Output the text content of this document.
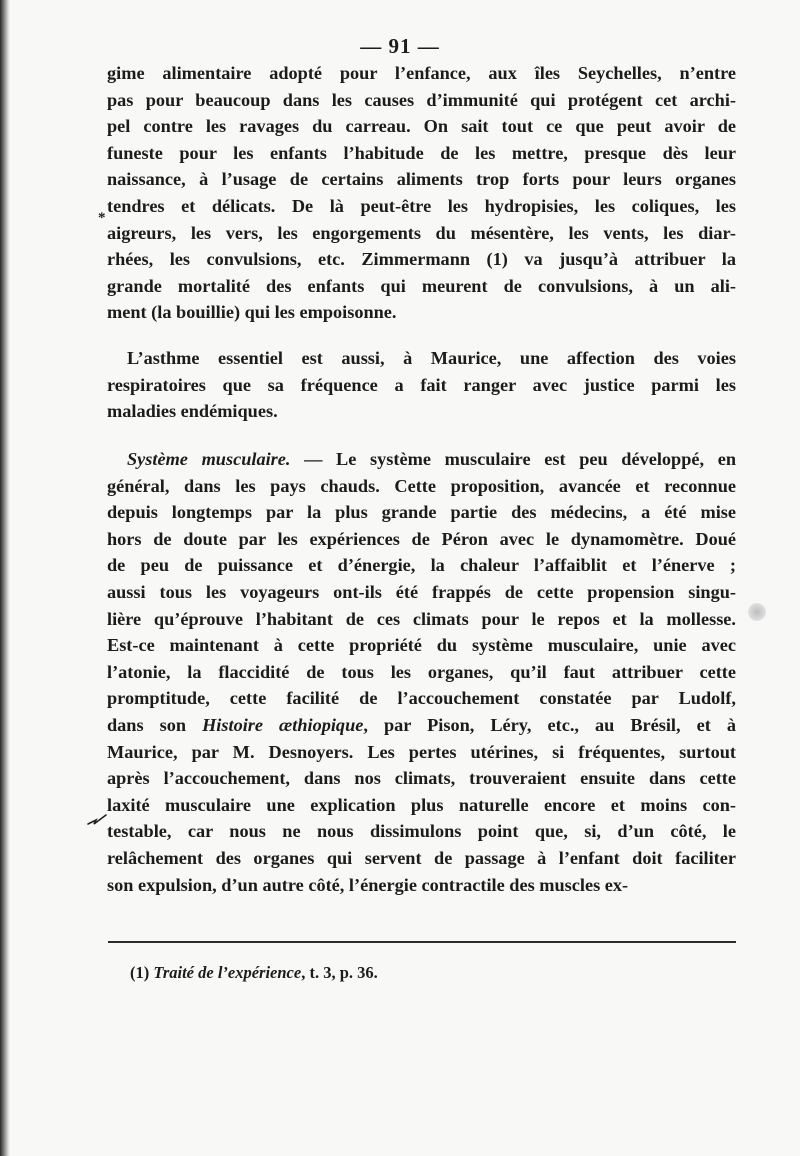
— 91 —
gime alimentaire adopté pour l’enfance, aux îles Seychelles, n’entre
pas pour beaucoup dans les causes d’immunité qui protégent cet archi-
pel contre les ravages du carreau. On sait tout ce que peut avoir de
funeste pour les enfants l’habitude de les mettre, presque dès leur
naissance, à l’usage de certains aliments trop forts pour leurs organes
tendres et délicats. De là peut-être les hydropisies, les coliques, les
aigreurs, les vers, les engorgements du mésentère, les vents, les diar-
rhées, les convulsions, etc. Zimmermann (1) va jusqu’à attribuer la
grande mortalité des enfants qui meurent de convulsions, à un ali-
ment (la bouillie) qui les empoisonne.
L’asthme essentiel est aussi, à Maurice, une affection des voies
respiratoires que sa fréquence a fait ranger avec justice parmi les
maladies endémiques.
Système musculaire. — Le système musculaire est peu développé, en
général, dans les pays chauds. Cette proposition, avancée et reconnue
depuis longtemps par la plus grande partie des médecins, a été mise
hors de doute par les expériences de Péron avec le dynamomètre. Doué
de peu de puissance et d’énergie, la chaleur l’affaiblit et l’énerve ;
aussi tous les voyageurs ont-ils été frappés de cette propension singu-
lière qu’éprouve l’habitant de ces climats pour le repos et la mollesse.
Est-ce maintenant à cette propriété du système musculaire, unie avec
l’atonie, la flaccidité de tous les organes, qu’il faut attribuer cette
promptitude, cette facilité de l’accouchement constatée par Ludolf,
dans son Histoire æthiopique, par Pison, Léry, etc., au Brésil, et à
Maurice, par M. Desnoyers. Les pertes utérines, si fréquentes, surtout
après l’accouchement, dans nos climats, trouveraient ensuite dans cette
laxité musculaire une explication plus naturelle encore et moins con-
testable, car nous ne nous dissimulons point que, si, d’un côté, le
relâchement des organes qui servent de passage à l’enfant doit faciliter
son expulsion, d’un autre côté, l’énergie contractile des muscles ex-
*
(1) Traité de l’expérience, t. 3, p. 36.
